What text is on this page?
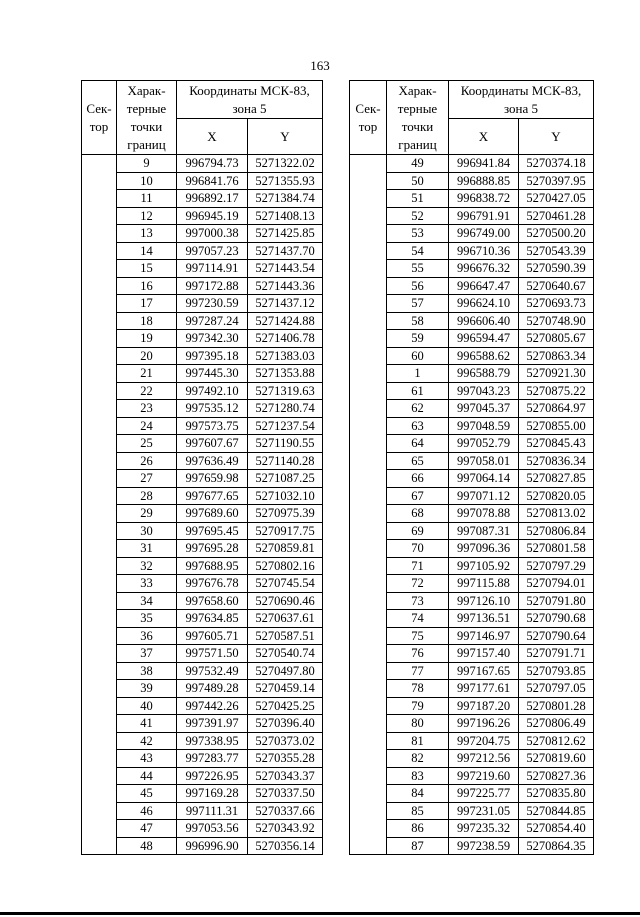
163
Сек-тор	Харак-терные точки границ	Координаты МСК-83, зона 5	
		X	Y

	9	996794.73	5271322.02
	10	996841.76	5271355.93
	11	996892.17	5271384.74
	12	996945.19	5271408.13
	13	997000.38	5271425.85
	14	997057.23	5271437.70
	15	997114.91	5271443.54
	16	997172.88	5271443.36
	17	997230.59	5271437.12
	18	997287.24	5271424.88
	19	997342.30	5271406.78
	20	997395.18	5271383.03
	21	997445.30	5271353.88
	22	997492.10	5271319.63
	23	997535.12	5271280.74
	24	997573.75	5271237.54
	25	997607.67	5271190.55
	26	997636.49	5271140.28
	27	997659.98	5271087.25
	28	997677.65	5271032.10
	29	997689.60	5270975.39
	30	997695.45	5270917.75
	31	997695.28	5270859.81
	32	997688.95	5270802.16
	33	997676.78	5270745.54
	34	997658.60	5270690.46
	35	997634.85	5270637.61
	36	997605.71	5270587.51
	37	997571.50	5270540.74
	38	997532.49	5270497.80
	39	997489.28	5270459.14
	40	997442.26	5270425.25
	41	997391.97	5270396.40
	42	997338.95	5270373.02
	43	997283.77	5270355.28
	44	997226.95	5270343.37
	45	997169.28	5270337.50
	46	997111.31	5270337.66
	47	997053.56	5270343.92
	48	996996.90	5270356.14
Сек-тор	Харак-терные точки границ	Координаты МСК-83, зона 5	
		X	Y

	49	996941.84	5270374.18
	50	996888.85	5270397.95
	51	996838.72	5270427.05
	52	996791.91	5270461.28
	53	996749.00	5270500.20
	54	996710.36	5270543.39
	55	996676.32	5270590.39
	56	996647.47	5270640.67
	57	996624.10	5270693.73
	58	996606.40	5270748.90
	59	996594.47	5270805.67
	60	996588.62	5270863.34
	1	996588.79	5270921.30
	61	997043.23	5270875.22
	62	997045.37	5270864.97
	63	997048.59	5270855.00
	64	997052.79	5270845.43
	65	997058.01	5270836.34
	66	997064.14	5270827.85
	67	997071.12	5270820.05
	68	997078.88	5270813.02
	69	997087.31	5270806.84
	70	997096.36	5270801.58
	71	997105.92	5270797.29
	72	997115.88	5270794.01
	73	997126.10	5270791.80
	74	997136.51	5270790.68
	75	997146.97	5270790.64
	76	997157.40	5270791.71
	77	997167.65	5270793.85
	78	997177.61	5270797.05
	79	997187.20	5270801.28
	80	997196.26	5270806.49
	81	997204.75	5270812.62
	82	997212.56	5270819.60
	83	997219.60	5270827.36
	84	997225.77	5270835.80
	85	997231.05	5270844.85
	86	997235.32	5270854.40
	87	997238.59	5270864.35
